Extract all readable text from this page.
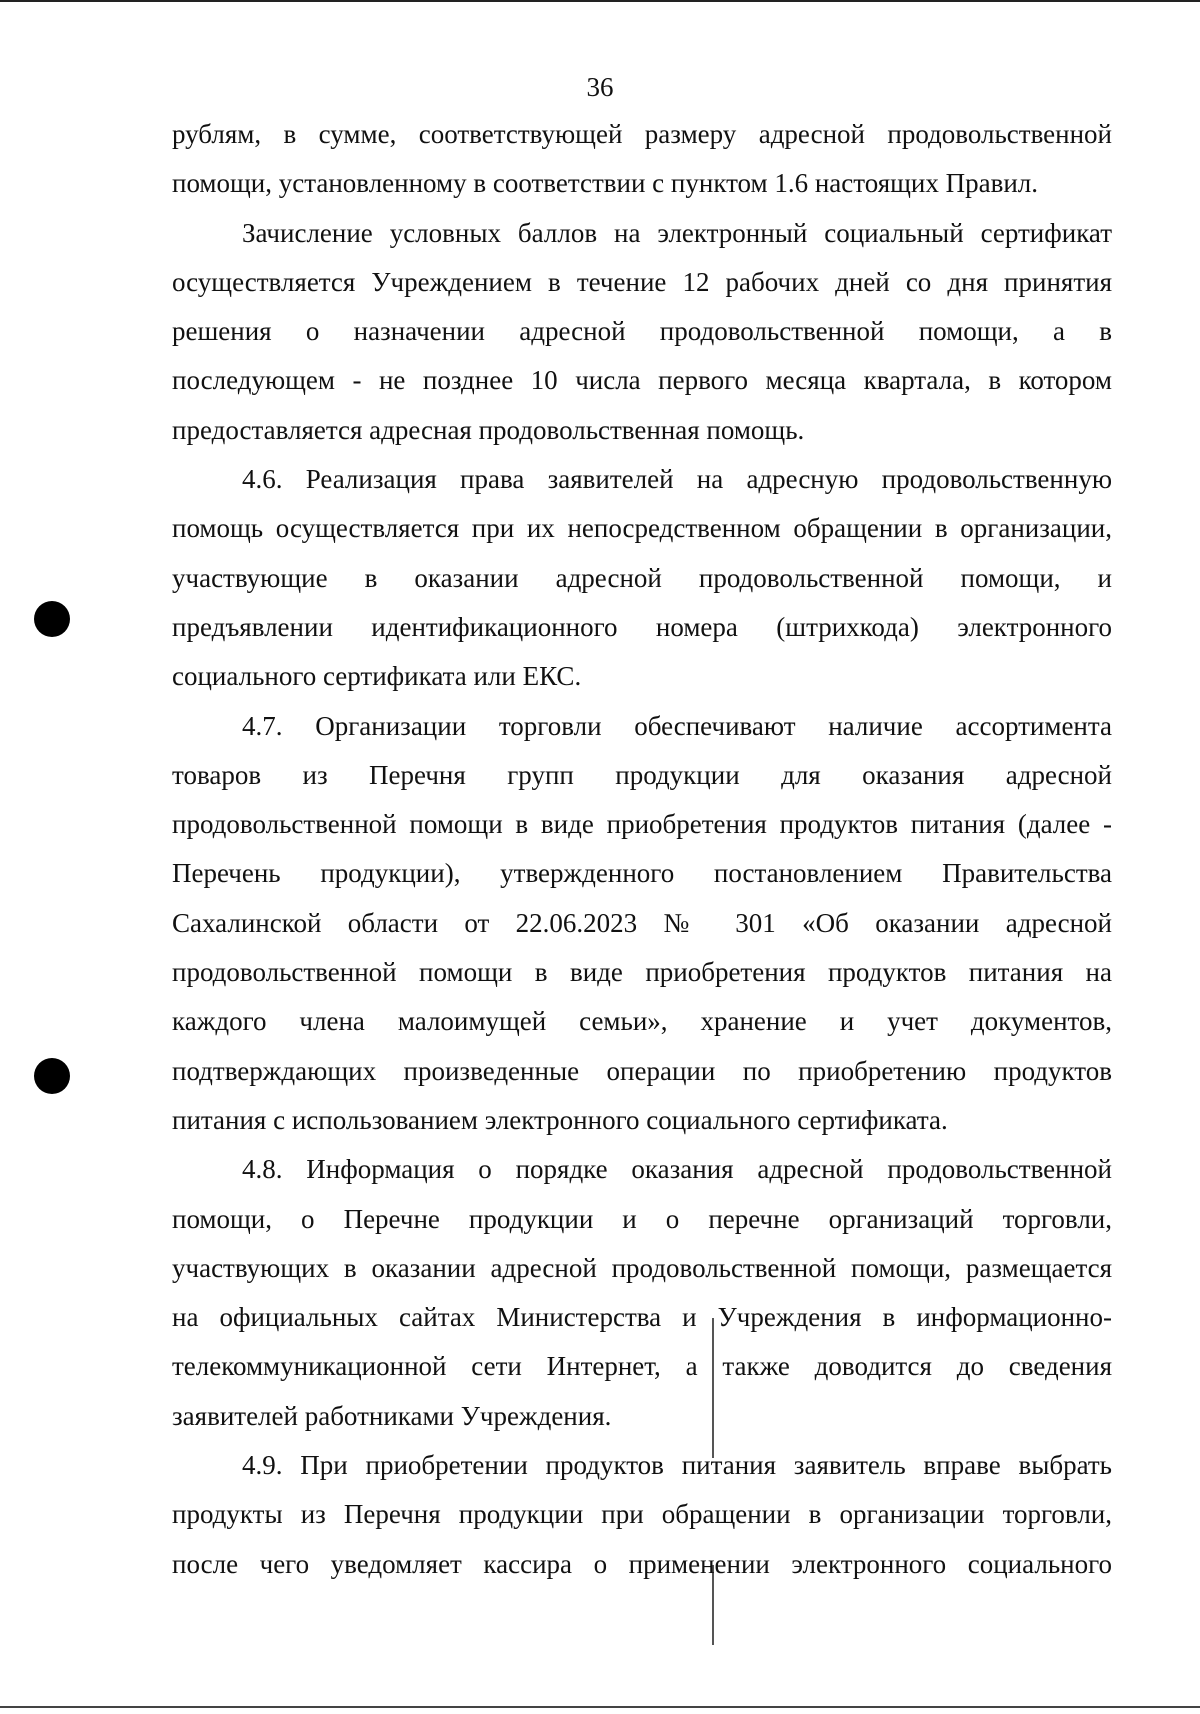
36

рублям, в сумме, соответствующей размеру адресной продовольственной
помощи, установленному в соответствии с пунктом 1.6 настоящих Правил.

Зачисление условных баллов на электронный социальный сертификат
осуществляется Учреждением в течение 12 рабочих дней со дня принятия
решения о назначении адресной продовольственной помощи, а в
последующем - не позднее 10 числа первого месяца квартала, в котором
предоставляется адресная продовольственная помощь.

4.6. Реализация права заявителей на адресную продовольственную
помощь осуществляется при их непосредственном обращении в организации,
участвующие в оказании адресной продовольственной помощи, и
предъявлении идентификационного номера (штрихкода) электронного
социального сертификата или ЕКС.

4.7. Организации торговли обеспечивают наличие ассортимента
товаров из Перечня групп продукции для оказания адресной
продовольственной помощи в виде приобретения продуктов питания (далее -
Перечень продукции), утвержденного постановлением Правительства
Сахалинской области от 22.06.2023 № 301 «Об оказании адресной
продовольственной помощи в виде приобретения продуктов питания на
каждого члена малоимущей семьи», хранение и учет документов,
подтверждающих произведенные операции по приобретению продуктов
питания с использованием электронного социального сертификата.

4.8. Информация о порядке оказания адресной продовольственной
помощи, о Перечне продукции и о перечне организаций торговли,
участвующих в оказании адресной продовольственной помощи, размещается
на официальных сайтах Министерства и Учреждения в информационно-
телекоммуникационной сети Интернет, а также доводится до сведения
заявителей работниками Учреждения.

4.9. При приобретении продуктов питания заявитель вправе выбрать
продукты из Перечня продукции при обращении в организации торговли,
после чего уведомляет кассира о применении электронного социального
